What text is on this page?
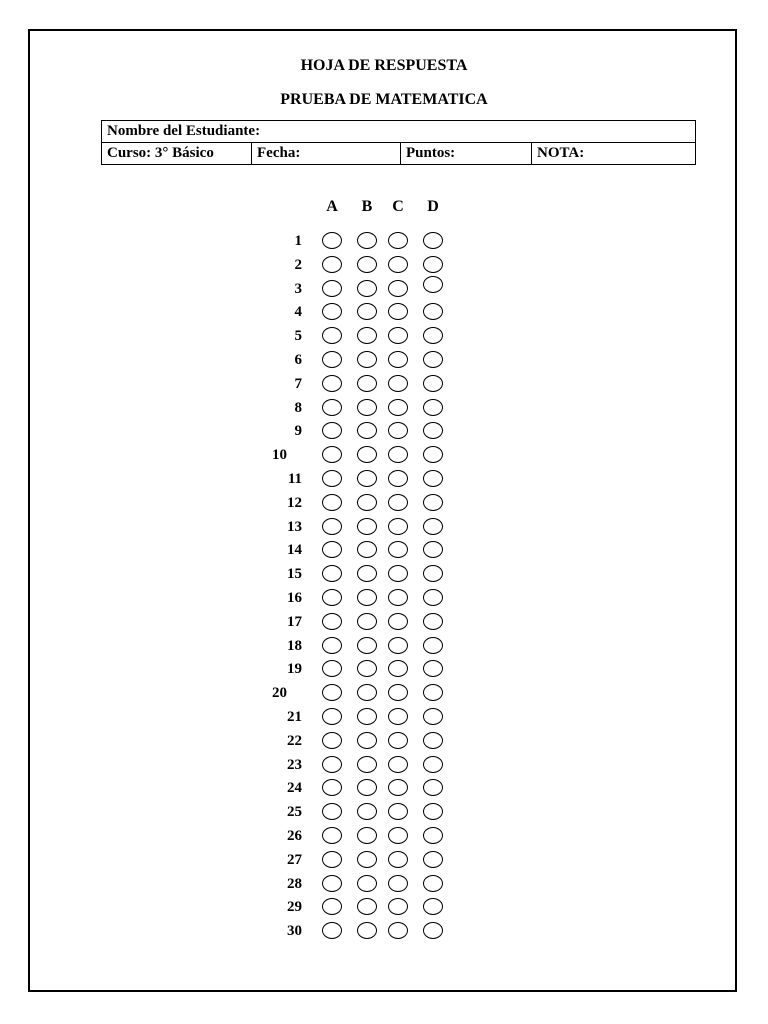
HOJA DE RESPUESTA
PRUEBA DE MATEMATICA
Nombre del Estudiante:
Curso: 3° Básico	Fecha:	Puntos:	NOTA:
A B C D
1
2
3
4
5
6
7
8
9
10
11
12
13
14
15
16
17
18
19
20
21
22
23
24
25
26
27
28
29
30
